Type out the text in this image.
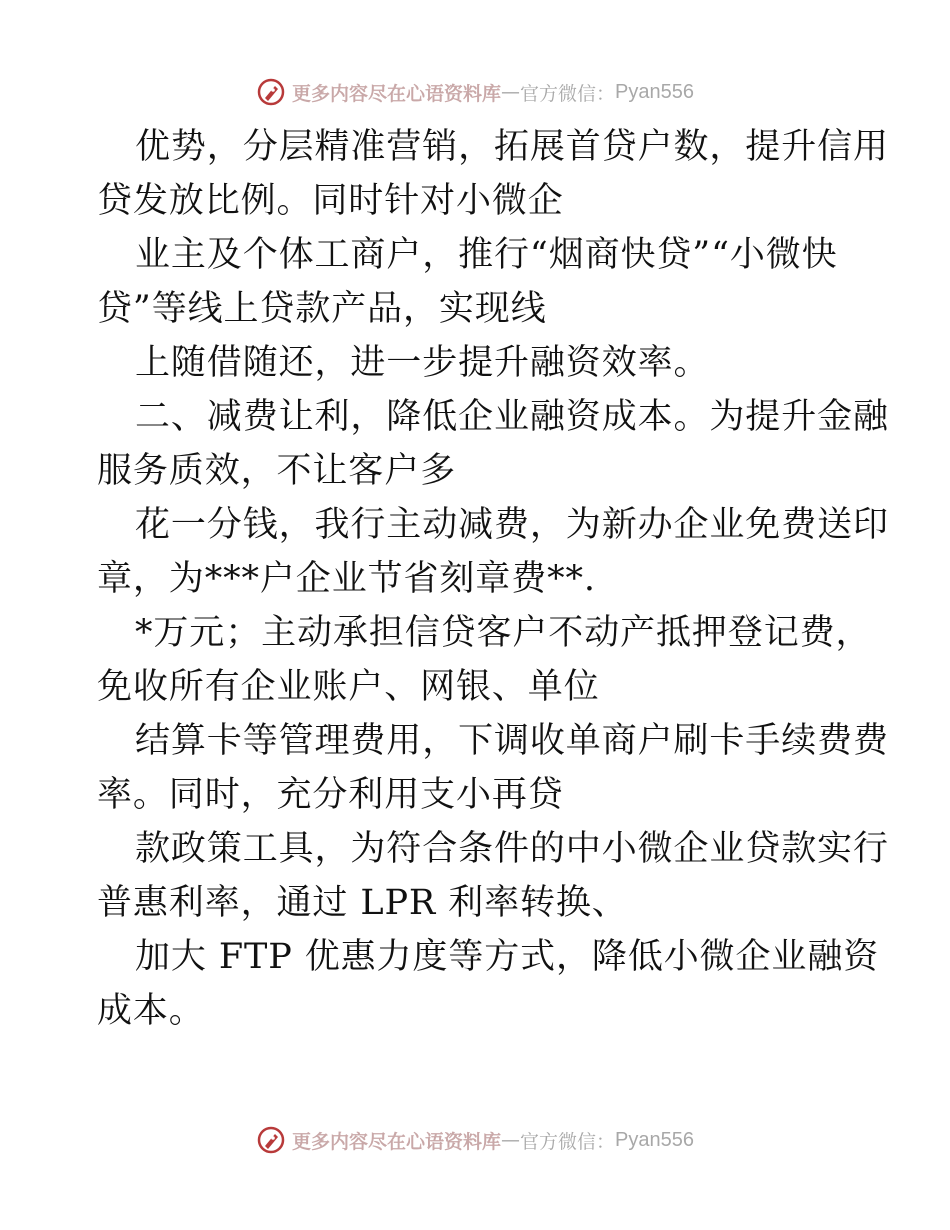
更多内容尽在心语资料库 — 官方微信： Pyan556
优势，分层精准营销，拓展首贷户数，提升信用
贷发放比例。同时针对小微企
业主及个体工商户，推行“烟商快贷”“小微快
贷”等线上贷款产品，实现线
上随借随还，进一步提升融资效率。
二、减费让利，降低企业融资成本。为提升金融
服务质效，不让客户多
花一分钱，我行主动减费，为新办企业免费送印
章，为***户企业节省刻章费**.
*万元；主动承担信贷客户不动产抵押登记费，
免收所有企业账户、网银、单位
结算卡等管理费用，下调收单商户刷卡手续费费
率。同时，充分利用支小再贷
款政策工具，为符合条件的中小微企业贷款实行
普惠利率，通过 LPR 利率转换、
加大 FTP 优惠力度等方式，降低小微企业融资
成本。
更多内容尽在心语资料库 — 官方微信： Pyan556
